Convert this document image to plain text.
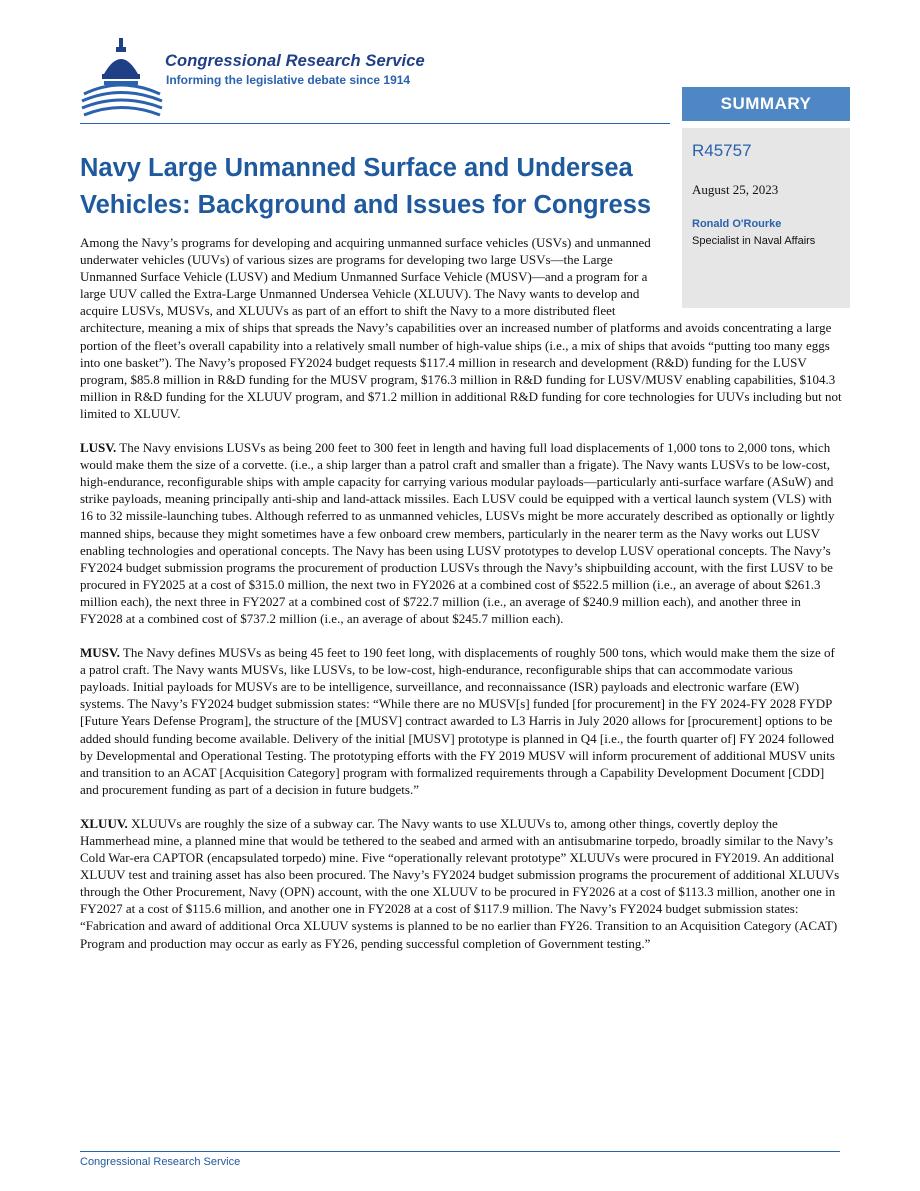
Congressional Research Service
Informing the legislative debate since 1914
SUMMARY
R45757
August 25, 2023
Ronald O'Rourke
Specialist in Naval Affairs
Navy Large Unmanned Surface and Undersea Vehicles: Background and Issues for Congress

Among the Navy’s programs for developing and acquiring unmanned surface vehicles (USVs) and unmanned underwater vehicles (UUVs) of various sizes are programs for developing two large USVs—the Large Unmanned Surface Vehicle (LUSV) and Medium Unmanned Surface Vehicle (MUSV)—and a program for a large UUV called the Extra-Large Unmanned Undersea Vehicle (XLUUV). The Navy wants to develop and acquire LUSVs, MUSVs, and XLUUVs as part of an effort to shift the Navy to a more distributed fleet architecture, meaning a mix of ships that spreads the Navy’s capabilities over an increased number of platforms and avoids concentrating a large portion of the fleet’s overall capability into a relatively small number of high-value ships (i.e., a mix of ships that avoids “putting too many eggs into one basket”). The Navy’s proposed FY2024 budget requests $117.4 million in research and development (R&D) funding for the LUSV program, $85.8 million in R&D funding for the MUSV program, $176.3 million in R&D funding for LUSV/MUSV enabling capabilities, $104.3 million in R&D funding for the XLUUV program, and $71.2 million in additional R&D funding for core technologies for UUVs including but not limited to XLUUV.

LUSV. The Navy envisions LUSVs as being 200 feet to 300 feet in length and having full load displacements of 1,000 tons to 2,000 tons, which would make them the size of a corvette. (i.e., a ship larger than a patrol craft and smaller than a frigate). The Navy wants LUSVs to be low-cost, high-endurance, reconfigurable ships with ample capacity for carrying various modular payloads—particularly anti-surface warfare (ASuW) and strike payloads, meaning principally anti-ship and land-attack missiles. Each LUSV could be equipped with a vertical launch system (VLS) with 16 to 32 missile-launching tubes. Although referred to as unmanned vehicles, LUSVs might be more accurately described as optionally or lightly manned ships, because they might sometimes have a few onboard crew members, particularly in the nearer term as the Navy works out LUSV enabling technologies and operational concepts. The Navy has been using LUSV prototypes to develop LUSV operational concepts. The Navy’s FY2024 budget submission programs the procurement of production LUSVs through the Navy’s shipbuilding account, with the first LUSV to be procured in FY2025 at a cost of $315.0 million, the next two in FY2026 at a combined cost of $522.5 million (i.e., an average of about $261.3 million each), the next three in FY2027 at a combined cost of $722.7 million (i.e., an average of $240.9 million each), and another three in FY2028 at a combined cost of $737.2 million (i.e., an average of about $245.7 million each).

MUSV. The Navy defines MUSVs as being 45 feet to 190 feet long, with displacements of roughly 500 tons, which would make them the size of a patrol craft. The Navy wants MUSVs, like LUSVs, to be low-cost, high-endurance, reconfigurable ships that can accommodate various payloads. Initial payloads for MUSVs are to be intelligence, surveillance, and reconnaissance (ISR) payloads and electronic warfare (EW) systems. The Navy’s FY2024 budget submission states: “While there are no MUSV[s] funded [for procurement] in the FY 2024-FY 2028 FYDP [Future Years Defense Program], the structure of the [MUSV] contract awarded to L3 Harris in July 2020 allows for [procurement] options to be added should funding become available. Delivery of the initial [MUSV] prototype is planned in Q4 [i.e., the fourth quarter of] FY 2024 followed by Developmental and Operational Testing. The prototyping efforts with the FY 2019 MUSV will inform procurement of additional MUSV units and transition to an ACAT [Acquisition Category] program with formalized requirements through a Capability Development Document [CDD] and procurement funding as part of a decision in future budgets.”

XLUUV. XLUUVs are roughly the size of a subway car. The Navy wants to use XLUUVs to, among other things, covertly deploy the Hammerhead mine, a planned mine that would be tethered to the seabed and armed with an antisubmarine torpedo, broadly similar to the Navy’s Cold War-era CAPTOR (encapsulated torpedo) mine. Five “operationally relevant prototype” XLUUVs were procured in FY2019. An additional XLUUV test and training asset has also been procured. The Navy’s FY2024 budget submission programs the procurement of additional XLUUVs through the Other Procurement, Navy (OPN) account, with the one XLUUV to be procured in FY2026 at a cost of $113.3 million, another one in FY2027 at a cost of $115.6 million, and another one in FY2028 at a cost of $117.9 million. The Navy’s FY2024 budget submission states: “Fabrication and award of additional Orca XLUUV systems is planned to be no earlier than FY26. Transition to an Acquisition Category (ACAT) Program and production may occur as early as FY26, pending successful completion of Government testing.”

Congressional Research Service
